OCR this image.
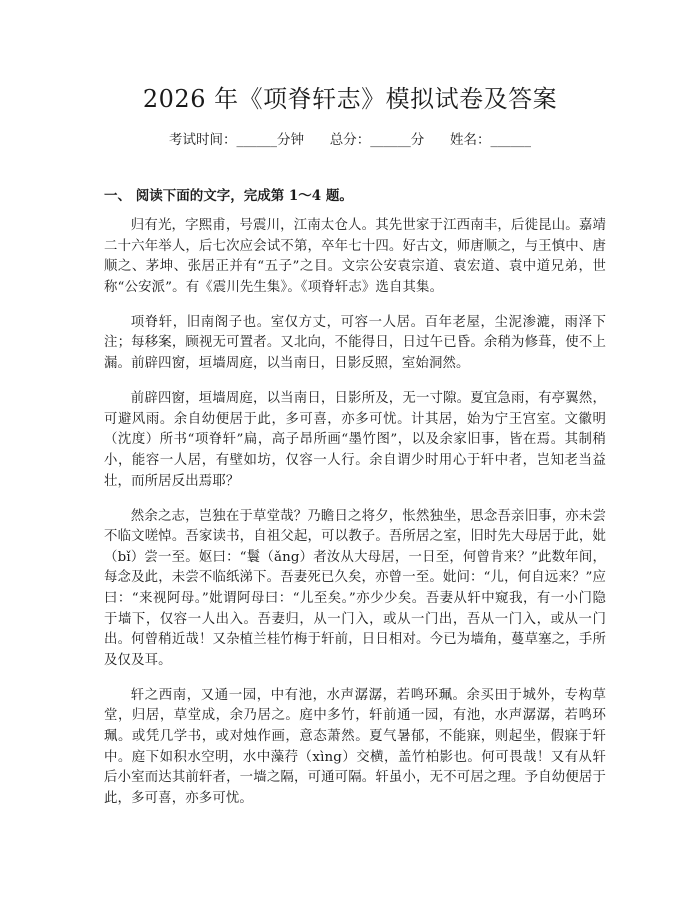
2026 年《项脊轩志》模拟试卷及答案
考试时间：______分钟      总分：______分      姓名：______
一、 阅读下面的文字，完成第 1～4 题。

归有光，字熙甫，号震川，江南太仓人。其先世家于江西南丰，后徙昆山。嘉靖二十六年举人，后七次应会试不第，卒年七十四。好古文，师唐顺之，与王慎中、唐顺之、茅坤、张居正并有“五子”之目。文宗公安袁宗道、袁宏道、袁中道兄弟，世称“公安派”。有《震川先生集》。《项脊轩志》选自其集。

项脊轩，旧南阁子也。室仅方丈，可容一人居。百年老屋，尘泥渗漉，雨泽下注；每移案，顾视无可置者。又北向，不能得日，日过午已昏。余稍为修葺，使不上漏。前辟四窗，垣墙周庭，以当南日，日影反照，室始洞然。

前辟四窗，垣墙周庭，以当南日，日影所及，无一寸隙。夏宜急雨，有亭翼然，可避风雨。余自幼便居于此，多可喜，亦多可忧。计其居，始为宁王宫室。文徽明（沈度）所书“项脊轩”扁，高子昂所画“墨竹图”，以及余家旧事，皆在焉。其制稍小，能容一人居，有壁如坊，仅容一人行。余自谓少时用心于轩中者，岂知老当益壮，而所居反出焉耶？

然余之志，岂独在于草堂哉？乃瞻日之将夕，怅然独坐，思念吾亲旧事，亦未尝不临文嗟悼。吾家读书，自祖父起，可以教子。吾所居之室，旧时先大母居于此，妣（bǐ）尝一至。妪曰：“鬟（ǎng）者汝从大母居，一日至，何曾肯来？”此数年间，每念及此，未尝不临纸涕下。吾妻死已久矣，亦曾一至。妣问：“儿，何自远来？”应曰：“来视阿母。”妣谓阿母曰：“儿至矣。”亦少少矣。吾妻从轩中窥我，有一小门隐于墙下，仅容一人出入。吾妻归，从一门入，或从一门出，吾从一门入，或从一门出。何曾稍近哉！又杂植兰桂竹梅于轩前，日日相对。今已为墙角，蔓草塞之，手所及仅及耳。

轩之西南，又通一园，中有池，水声潺潺，若鸣环珮。余买田于城外，专构草堂，归居，草堂成，余乃居之。庭中多竹，轩前通一园，有池，水声潺潺，若鸣环珮。或凭几学书，或对烛作画，意态萧然。夏气暑郁，不能寐，则起坐，假寐于轩中。庭下如积水空明，水中藻荇（xìng）交横，盖竹柏影也。何可畏哉！又有从轩后小室而达其前轩者，一墙之隔，可通可隔。轩虽小，无不可居之理。予自幼便居于此，多可喜，亦多可忧。
